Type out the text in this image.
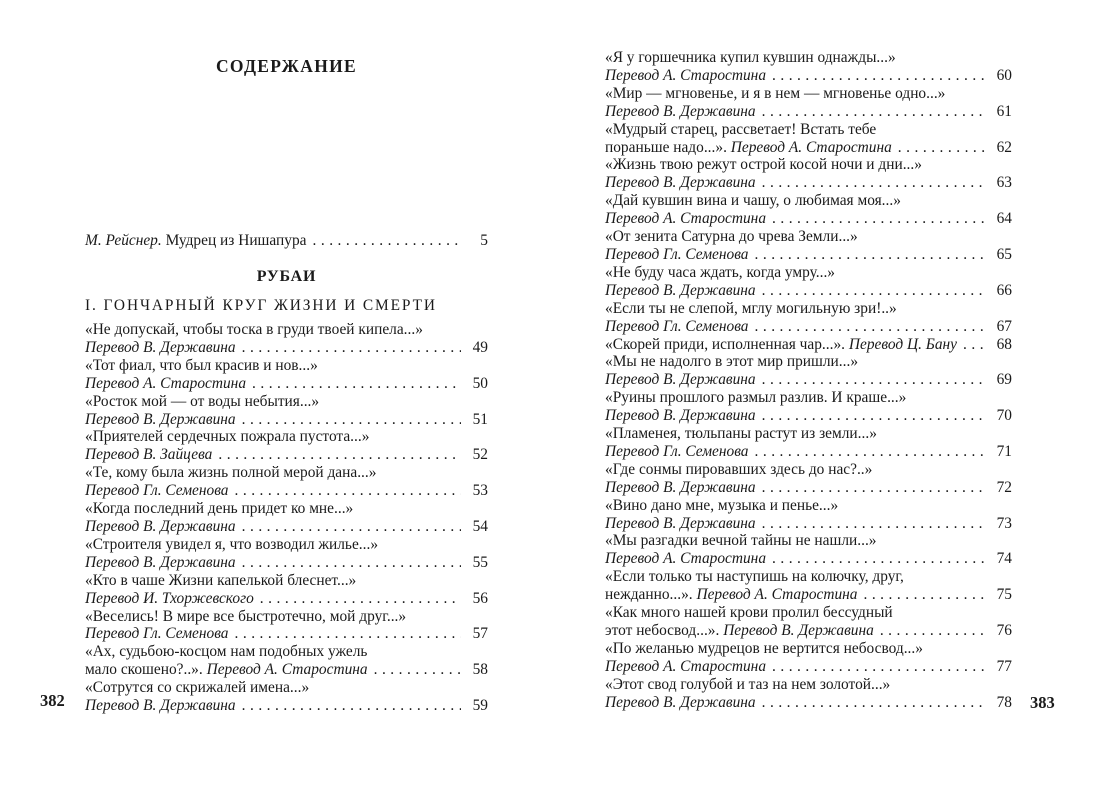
СОДЕРЖАНИЕ
М. Рейснер. Мудрец из Нишапура .....	5
РУБАИ
I. ГОНЧАРНЫЙ КРУГ ЖИЗНИ И СМЕРТИ
«Не допускай, чтобы тоска в груди твоей кипела...»
Перевод В. Державина .....	49
«Тот фиал, что был красив и нов...»
Перевод А. Старостина .....	50
«Росток мой — от воды небытия...»
Перевод В. Державина .....	51
«Приятелей сердечных пожрала пустота...»
Перевод В. Зайцева .....	52
«Те, кому была жизнь полной мерой дана...»
Перевод Гл. Семенова .....	53
«Когда последний день придет ко мне...»
Перевод В. Державина .....	54
«Строителя увидел я, что возводил жилье...»
Перевод В. Державина .....	55
«Кто в чаше Жизни капелькой блеснет...»
Перевод И. Тхоржевского .....	56
«Веселись! В мире все быстротечно, мой друг...»
Перевод Гл. Семенова .....	57
«Ах, судьбою-косцом нам подобных ужель
мало скошено?..». Перевод А. Старостина .....	58
«Сотрутся со скрижалей имена...»
Перевод В. Державина .....	59
«Я у горшечника купил кувшин однажды...»
Перевод А. Старостина .....	60
«Мир — мгновенье, и я в нем — мгновенье одно...»
Перевод В. Державина .....	61
«Мудрый старец, рассветает! Встать тебе
пораньше надо...». Перевод А. Старостина .....	62
«Жизнь твою режут острой косой ночи и дни...»
Перевод В. Державина .....	63
«Дай кувшин вина и чашу, о любимая моя...»
Перевод А. Старостина .....	64
«От зенита Сатурна до чрева Земли...»
Перевод Гл. Семенова .....	65
«Не буду часа ждать, когда умру...»
Перевод В. Державина .....	66
«Если ты не слепой, мглу могильную зри!..»
Перевод Гл. Семенова .....	67
«Скорей приди, исполненная чар...». Перевод Ц. Бану .....	68
«Мы не надолго в этот мир пришли...»
Перевод В. Державина .....	69
«Руины прошлого размыл разлив. И краше...»
Перевод В. Державина .....	70
«Пламенея, тюльпаны растут из земли...»
Перевод Гл. Семенова .....	71
«Где сонмы пировавших здесь до нас?..»
Перевод В. Державина .....	72
«Вино дано мне, музыка и пенье...»
Перевод В. Державина .....	73
«Мы разгадки вечной тайны не нашли...»
Перевод А. Старостина .....	74
«Если только ты наступишь на колючку, друг,
нежданно...». Перевод А. Старостина .....	75
«Как много нашей крови пролил бессудный
этот небосвод...». Перевод В. Державина .....	76
«По желанью мудрецов не вертится небосвод...»
Перевод А. Старостина .....	77
«Этот свод голубой и таз на нем золотой...»
Перевод В. Державина .....	78
382	383
